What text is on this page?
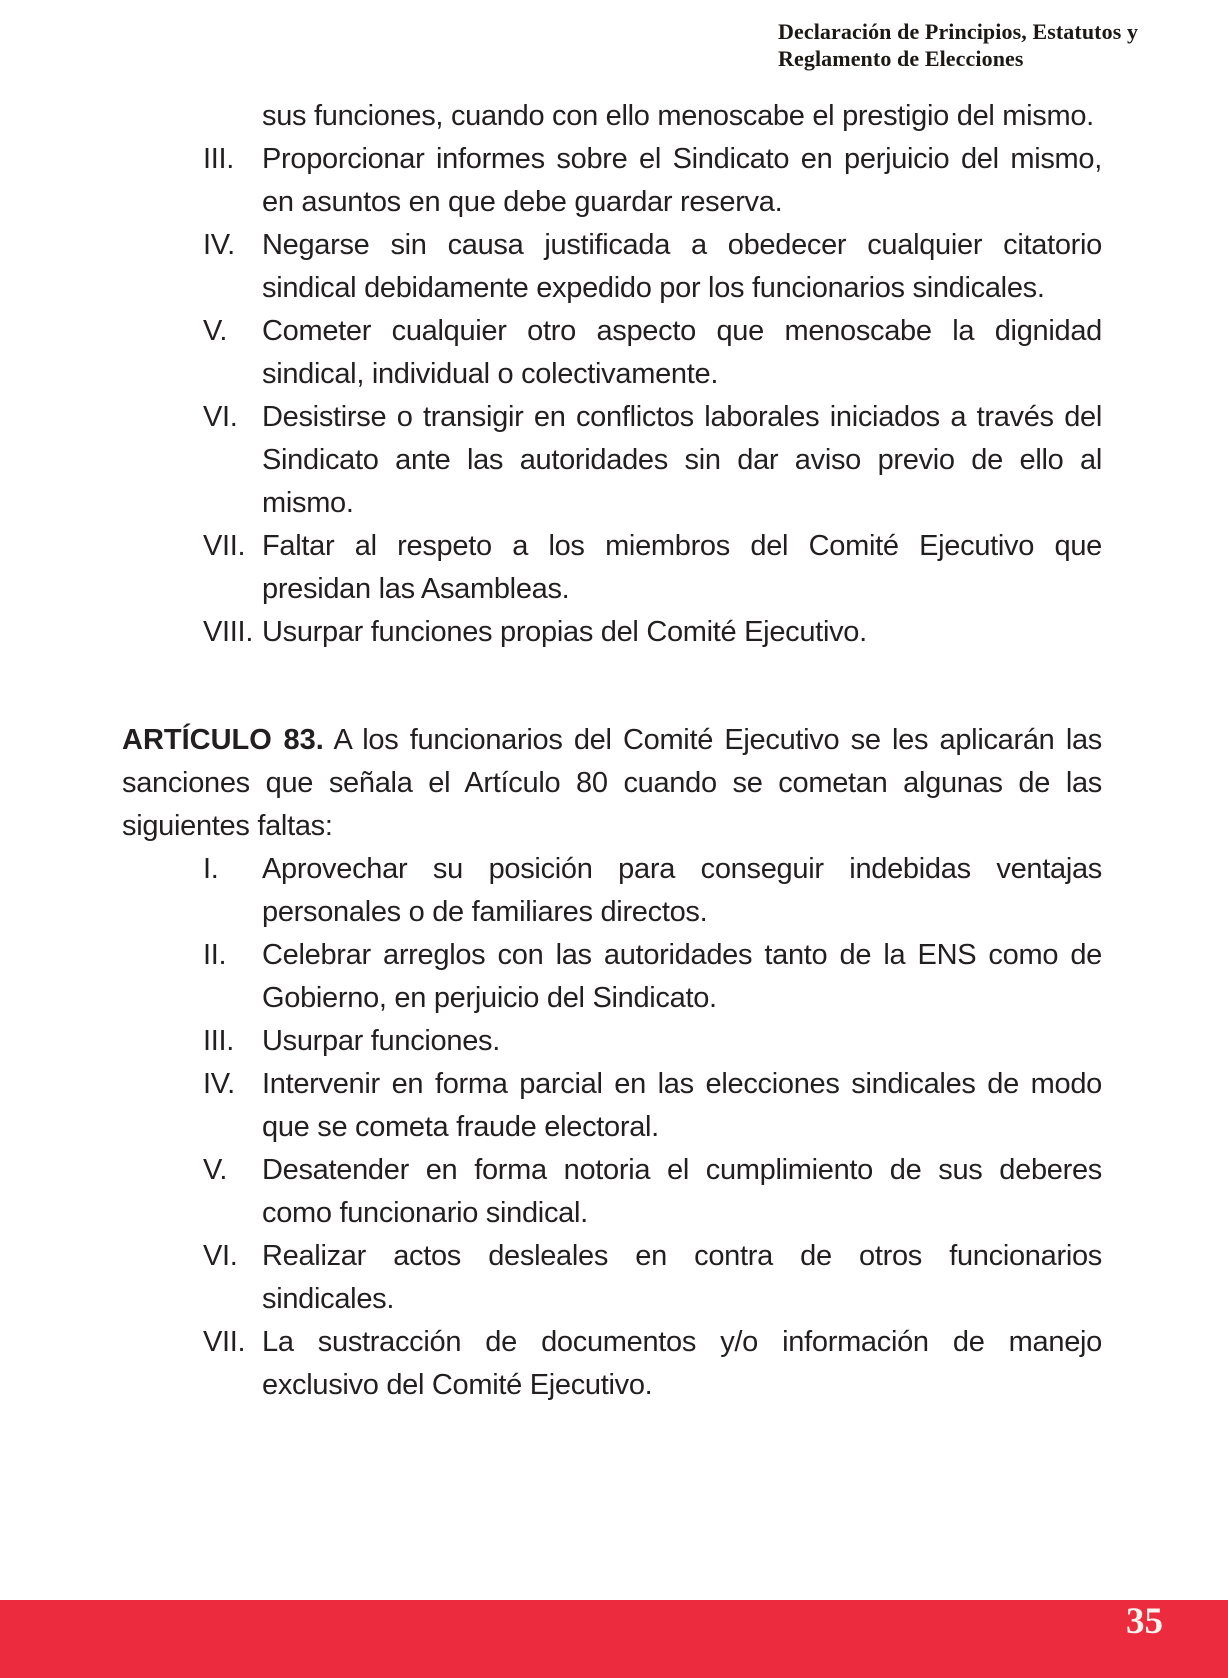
Declaración de Principios, Estatutos y
Reglamento de Elecciones
sus funciones, cuando con ello menoscabe el prestigio del mismo.
III. Proporcionar informes sobre el Sindicato en perjuicio del mismo, en asuntos en que debe guardar reserva.
IV. Negarse sin causa justificada a obedecer cualquier citatorio sindical debidamente expedido por los funcionarios sindicales.
V.	Cometer cualquier otro aspecto que menoscabe la dignidad sindical, individual o colectivamente.
VI. Desistirse o transigir en conflictos laborales iniciados a través del Sindicato ante las autoridades sin dar aviso previo de ello al mismo.
VII. Faltar al respeto a los miembros del Comité Ejecutivo que presidan las Asambleas.
VIII. Usurpar funciones propias del Comité Ejecutivo.
ARTÍCULO 83. A los funcionarios del Comité Ejecutivo se les aplicarán las sanciones que señala el Artículo 80 cuando se cometan algunas de las siguientes faltas:
I.	Aprovechar su posición para conseguir indebidas ventajas personales o de familiares directos.
II.	Celebrar arreglos con las autoridades tanto de la ENS como de Gobierno, en perjuicio del Sindicato.
III. Usurpar funciones.
IV. Intervenir en forma parcial en las elecciones sindicales de modo que se cometa fraude electoral.
V.	Desatender en forma notoria el cumplimiento de sus deberes como funcionario sindical.
VI. Realizar actos desleales en contra de otros funcionarios sindicales.
VII. La sustracción de documentos y/o información de manejo exclusivo del Comité Ejecutivo.
35
